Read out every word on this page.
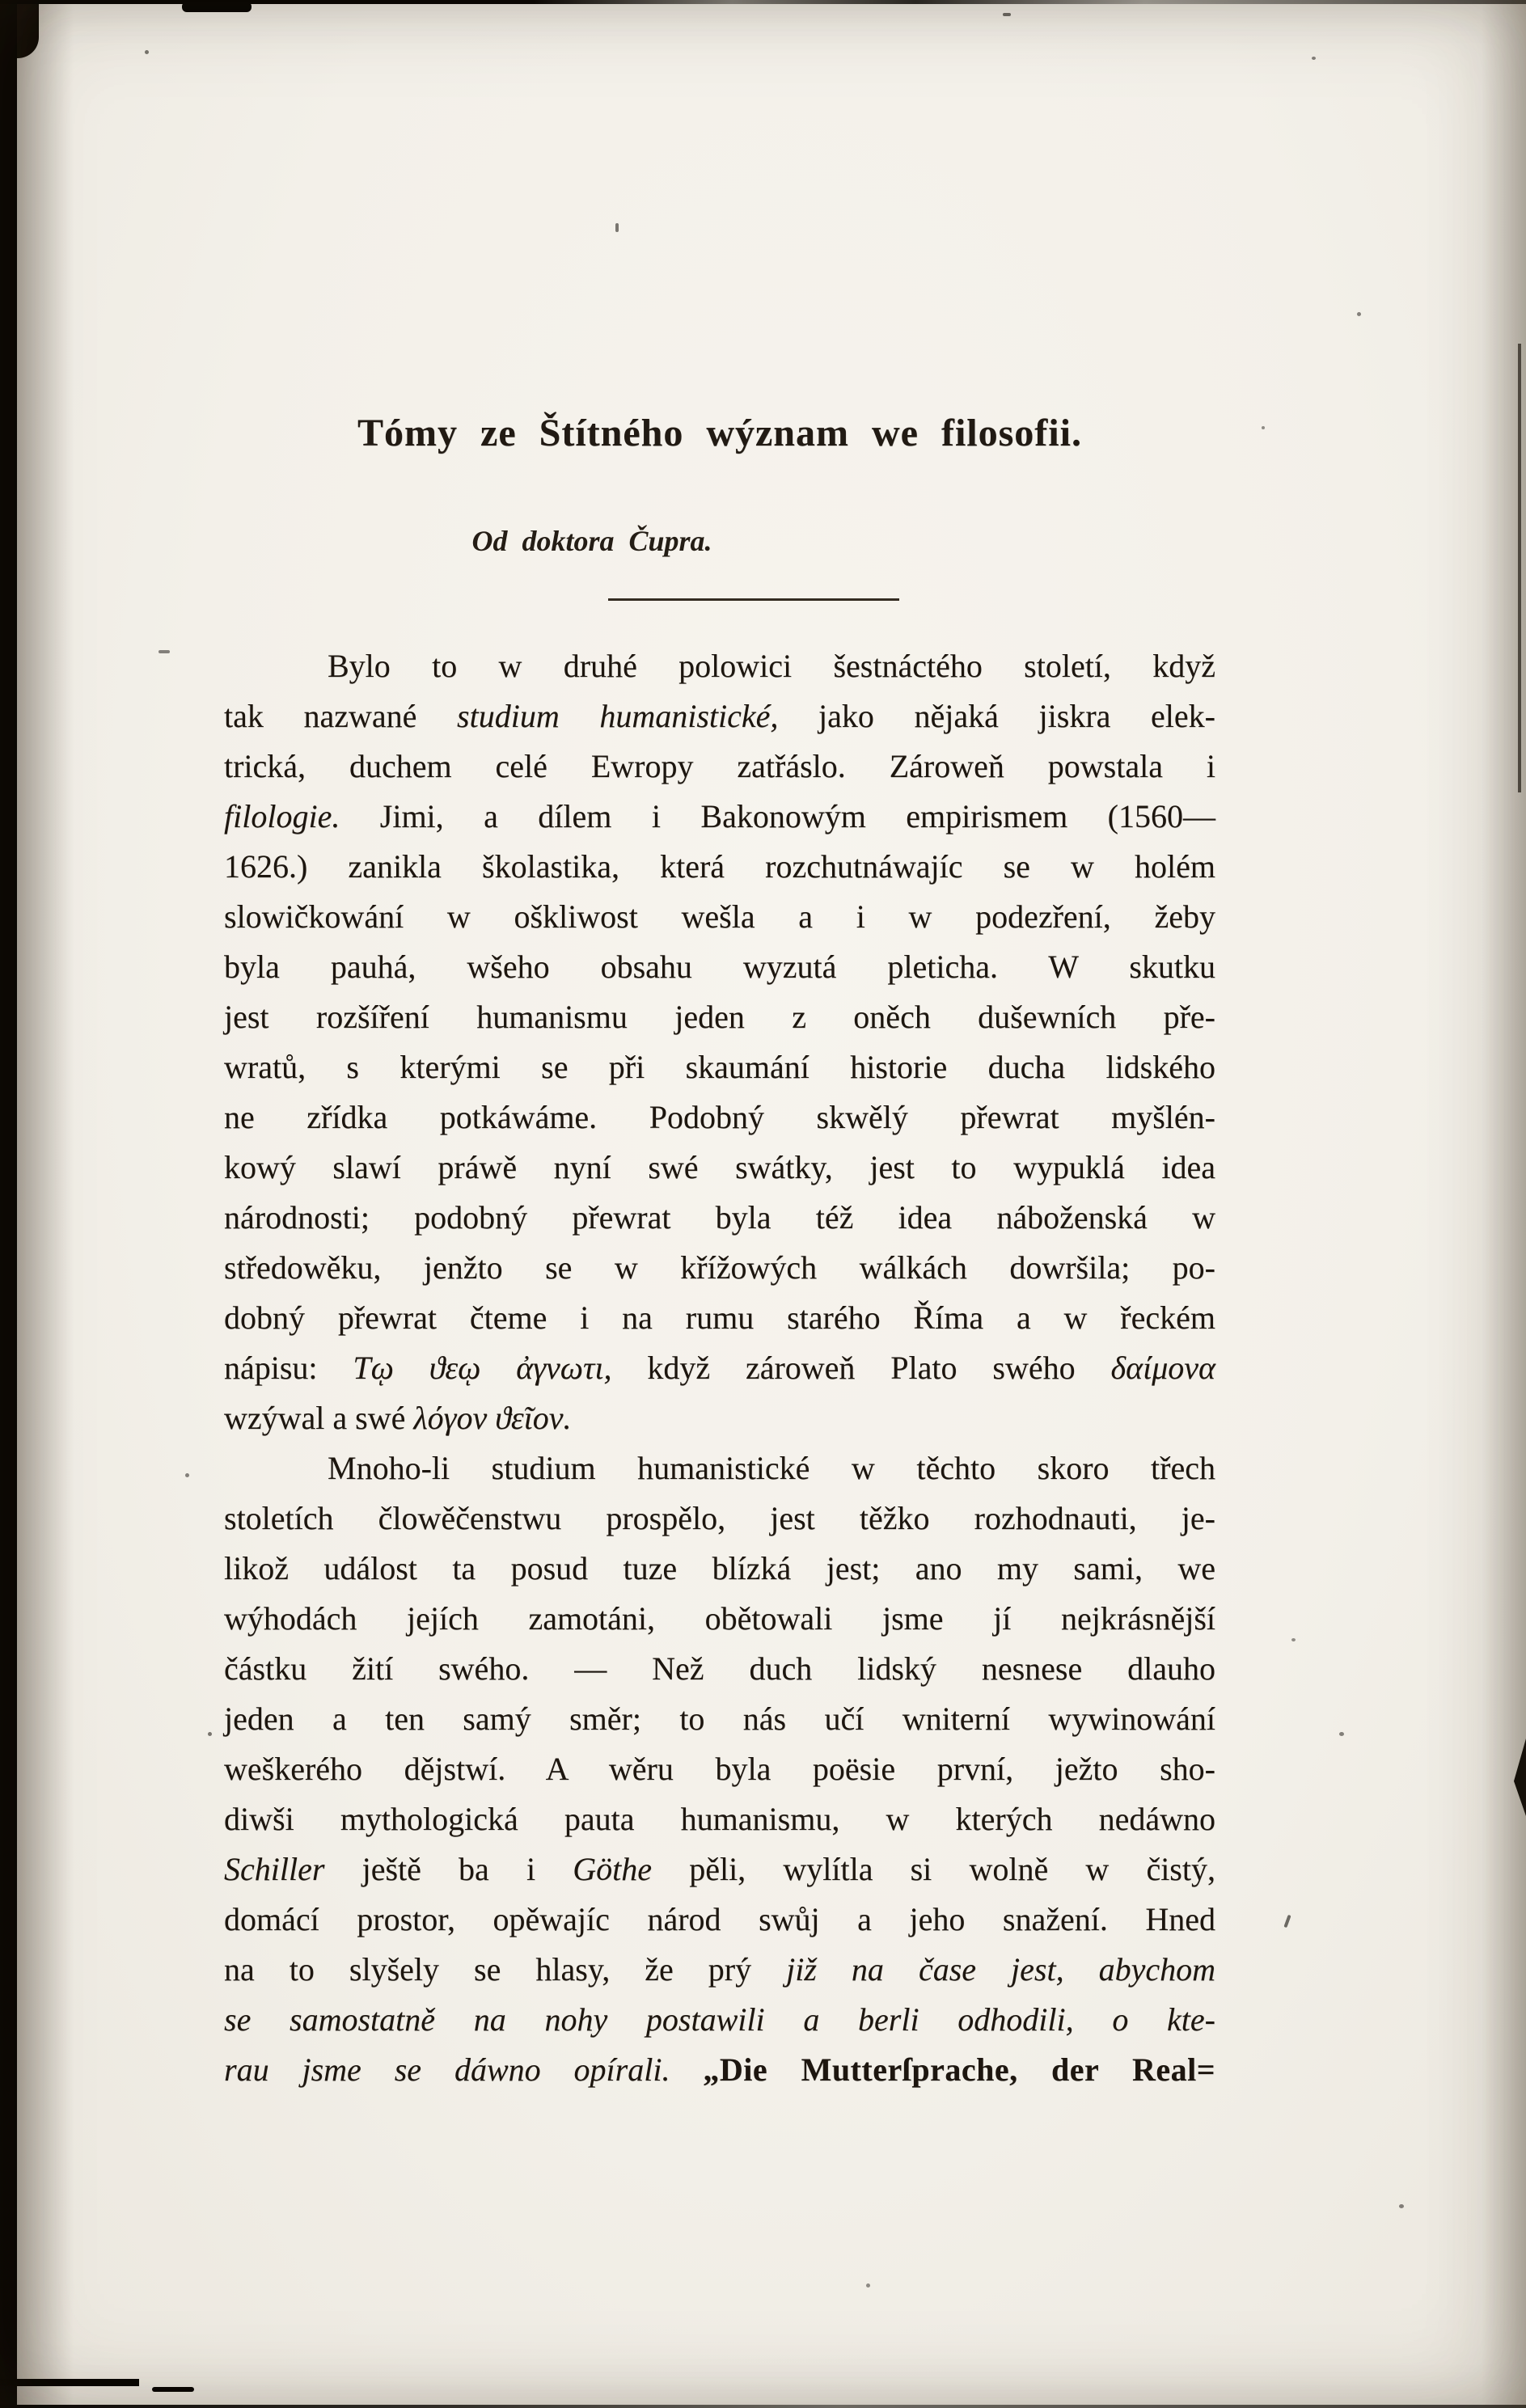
Tómy ze Štítného wýznam we filosofii.
Od doktora Čupra.
Bylo to w druhé polowici šestnáctého století, když
tak nazwané studium humanistické, jako nějaká jiskra elek-
trická, duchem celé Ewropy zatřáslo. Zároweň powstala i
filologie. Jimi, a dílem i Bakonowým empirismem (1560—
1626.) zanikla školastika, která rozchutnáwajíc se w holém
slowičkowání w oškliwost wešla a i w podezření, žeby
byla pauhá, wšeho obsahu wyzutá pleticha. W skutku
jest rozšíření humanismu jeden z oněch dušewních pře-
wratů, s kterými se při skaumání historie ducha lidského
ne zřídka potkáwáme. Podobný skwělý přewrat myšlén-
kowý slawí práwě nyní swé swátky, jest to wypuklá idea
národnosti; podobný přewrat byla též idea náboženská w
středowěku, jenžto se w křížowých wálkách dowršila; po-
dobný přewrat čteme i na rumu starého Říma a w řeckém
nápisu: Τῳ ϑεῳ ἀγνωτι, když zároweň Plato swého δαίμονα
wzýwal a swé λόγον ϑεῖον.
Mnoho-li studium humanistické w těchto skoro třech
stoletích člowěčenstwu prospělo, jest těžko rozhodnauti, je-
likož událost ta posud tuze blízká jest; ano my sami, we
wýhodách jejích zamotáni, obětowali jsme jí nejkrásnější
částku žití swého. — Než duch lidský nesnese dlauho
jeden a ten samý směr; to nás učí wniterní wywinowání
weškerého dějstwí. A wěru byla poësie první, ježto sho-
diwši mythologická pauta humanismu, w kterých nedáwno
Schiller ještě ba i Göthe pěli, wylítla si wolně w čistý,
domácí prostor, opěwajíc národ swůj a jeho snažení. Hned
na to slyšely se hlasy, že prý již na čase jest, abychom
se samostatně na nohy postawili a berli odhodili, o kte-
rau jsme se dáwno opírali. „Die Mutterſprache, der Real=
